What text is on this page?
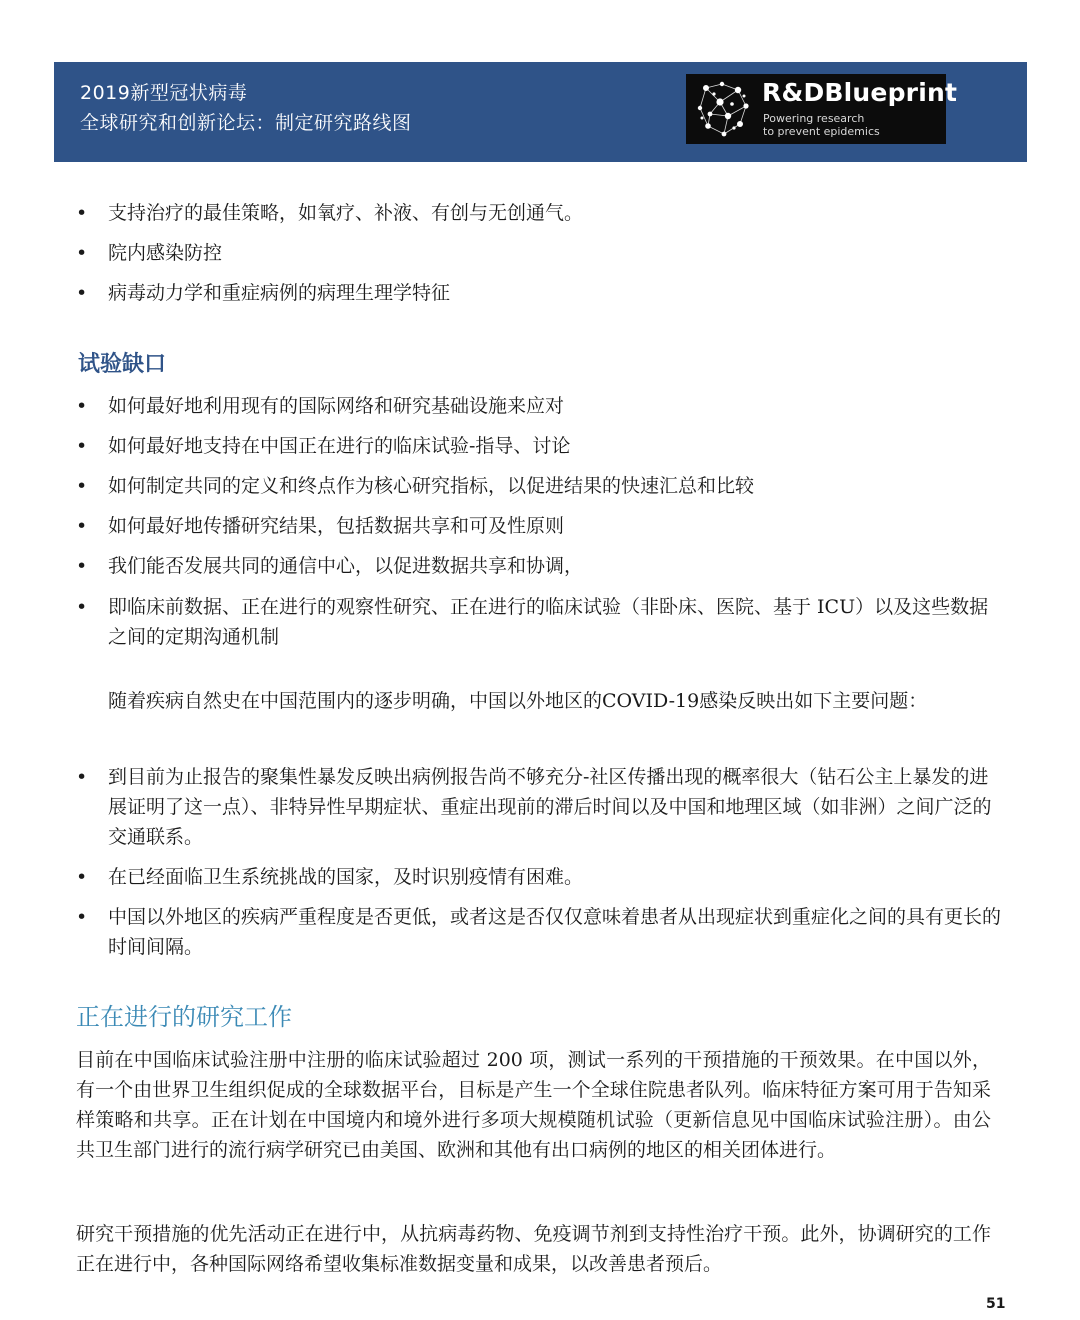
2019新型冠状病毒
全球研究和创新论坛：制定研究路线图
R&DBlueprint
Powering research
to prevent epidemics
•	支持治疗的最佳策略，如氧疗、补液、有创与无创通气。
•	院内感染防控
•	病毒动力学和重症病例的病理生理学特征
试验缺口
•	如何最好地利用现有的国际网络和研究基础设施来应对
•	如何最好地支持在中国正在进行的临床试验-指导、讨论
•	如何制定共同的定义和终点作为核心研究指标，以促进结果的快速汇总和比较
•	如何最好地传播研究结果，包括数据共享和可及性原则
•	我们能否发展共同的通信中心，以促进数据共享和协调，
•	即临床前数据、正在进行的观察性研究、正在进行的临床试验（非卧床、医院、基于 ICU）以及这些数据之间的定期沟通机制
随着疾病自然史在中国范围内的逐步明确，中国以外地区的COVID-19感染反映出如下主要问题：
•	到目前为止报告的聚集性暴发反映出病例报告尚不够充分-社区传播出现的概率很大（钻石公主上暴发的进展证明了这一点）、非特异性早期症状、重症出现前的滞后时间以及中国和地理区域（如非洲）之间广泛的交通联系。
•	在已经面临卫生系统挑战的国家，及时识别疫情有困难。
•	中国以外地区的疾病严重程度是否更低，或者这是否仅仅意味着患者从出现症状到重症化之间的具有更长的时间间隔。
正在进行的研究工作
目前在中国临床试验注册中注册的临床试验超过 200 项，测试一系列的干预措施的干预效果。在中国以外，有一个由世界卫生组织促成的全球数据平台，目标是产生一个全球住院患者队列。临床特征方案可用于告知采样策略和共享。正在计划在中国境内和境外进行多项大规模随机试验（更新信息见中国临床试验注册）。由公共卫生部门进行的流行病学研究已由美国、欧洲和其他有出口病例的地区的相关团体进行。
研究干预措施的优先活动正在进行中，从抗病毒药物、免疫调节剂到支持性治疗干预。此外，协调研究的工作正在进行中，各种国际网络希望收集标准数据变量和成果，以改善患者预后。
51
